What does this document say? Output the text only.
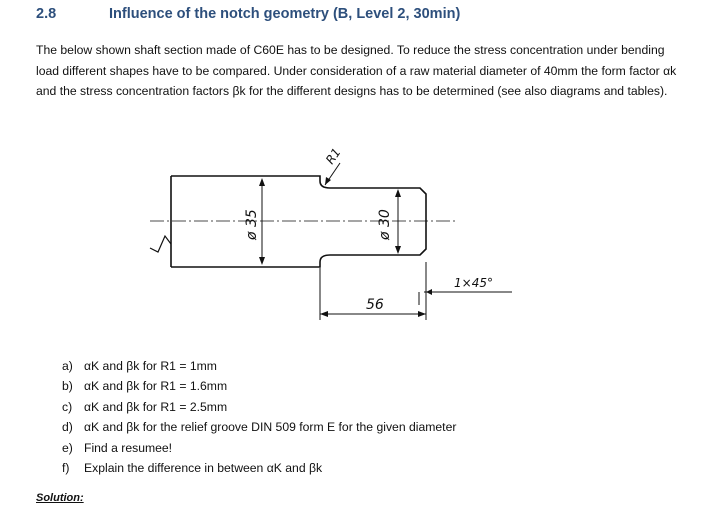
2.8	Influence of the notch geometry (B, Level 2, 30min)
The below shown shaft section made of C60E has to be designed. To reduce the stress concentration under bending load different shapes have to be compared. Under consideration of a raw material diameter of 40mm the form factor αk and the stress concentration factors βk for the different designs has to be determined (see also diagrams and tables).
ø 35	ø 30
R1
56
1×45°
a) αK and βk for R1 = 1mm
b) αK and βk for R1 = 1.6mm
c) αK and βk for R1 = 2.5mm
d) αK and βk for the relief groove DIN 509 form E for the given diameter
e) Find a resumee!
f) Explain the difference in between αK and βk
Solution:
